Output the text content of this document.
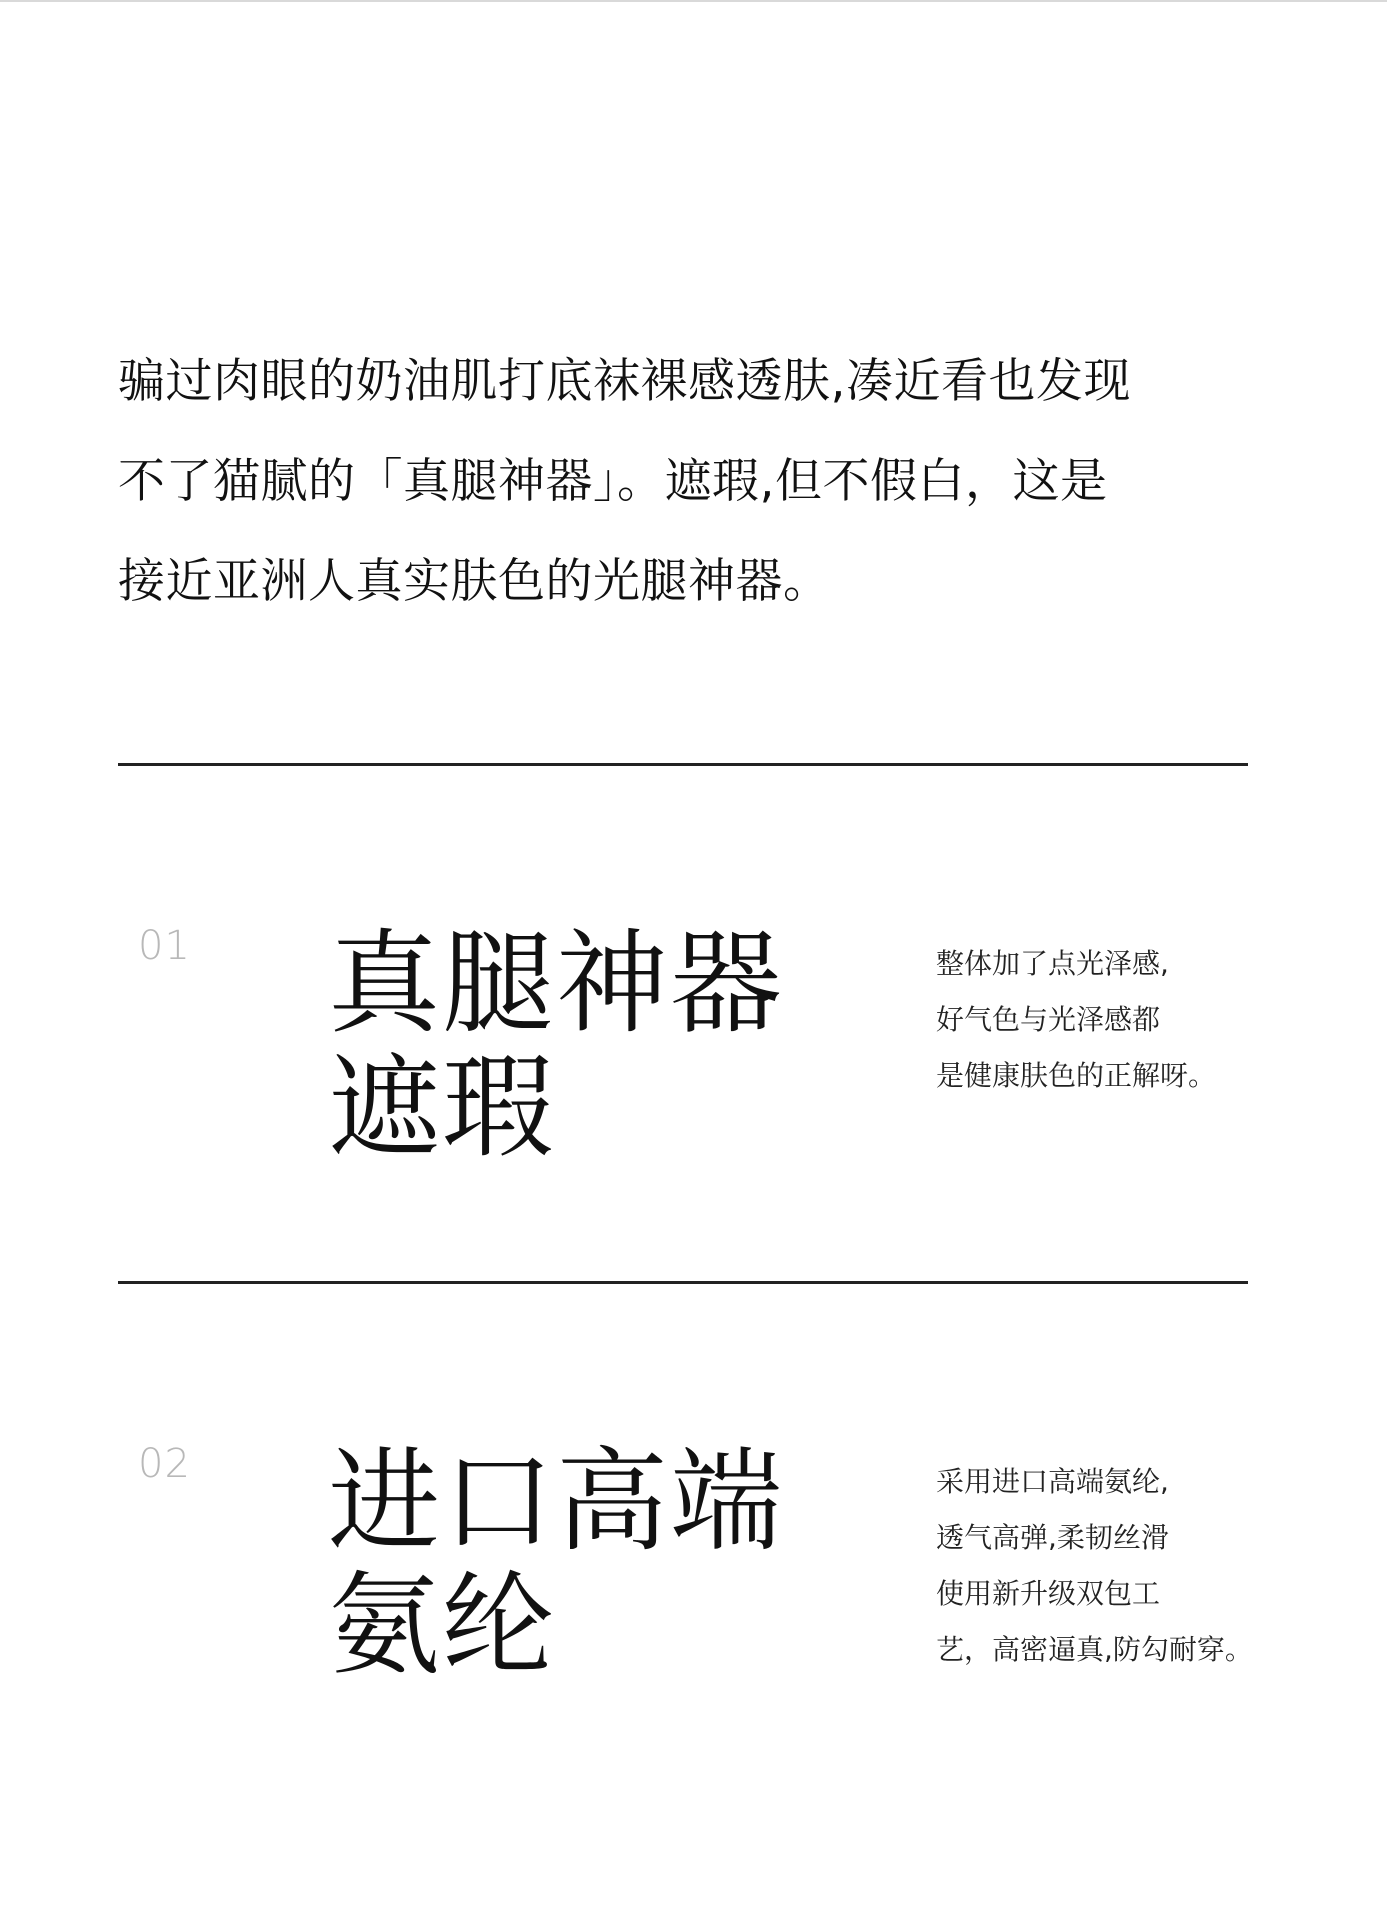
骗过肉眼的奶油肌打底袜裸感透肤,凑近看也发现
不了猫腻的「真腿神器」。遮瑕,但不假白，这是
接近亚洲人真实肤色的光腿神器。
01 真腿神器
遮瑕
整体加了点光泽感,
好气色与光泽感都
是健康肤色的正解呀。
02 进口高端
氨纶
采用进口高端氨纶,
透气高弹,柔韧丝滑
使用新升级双包工
艺，高密逼真,防勾耐穿。
